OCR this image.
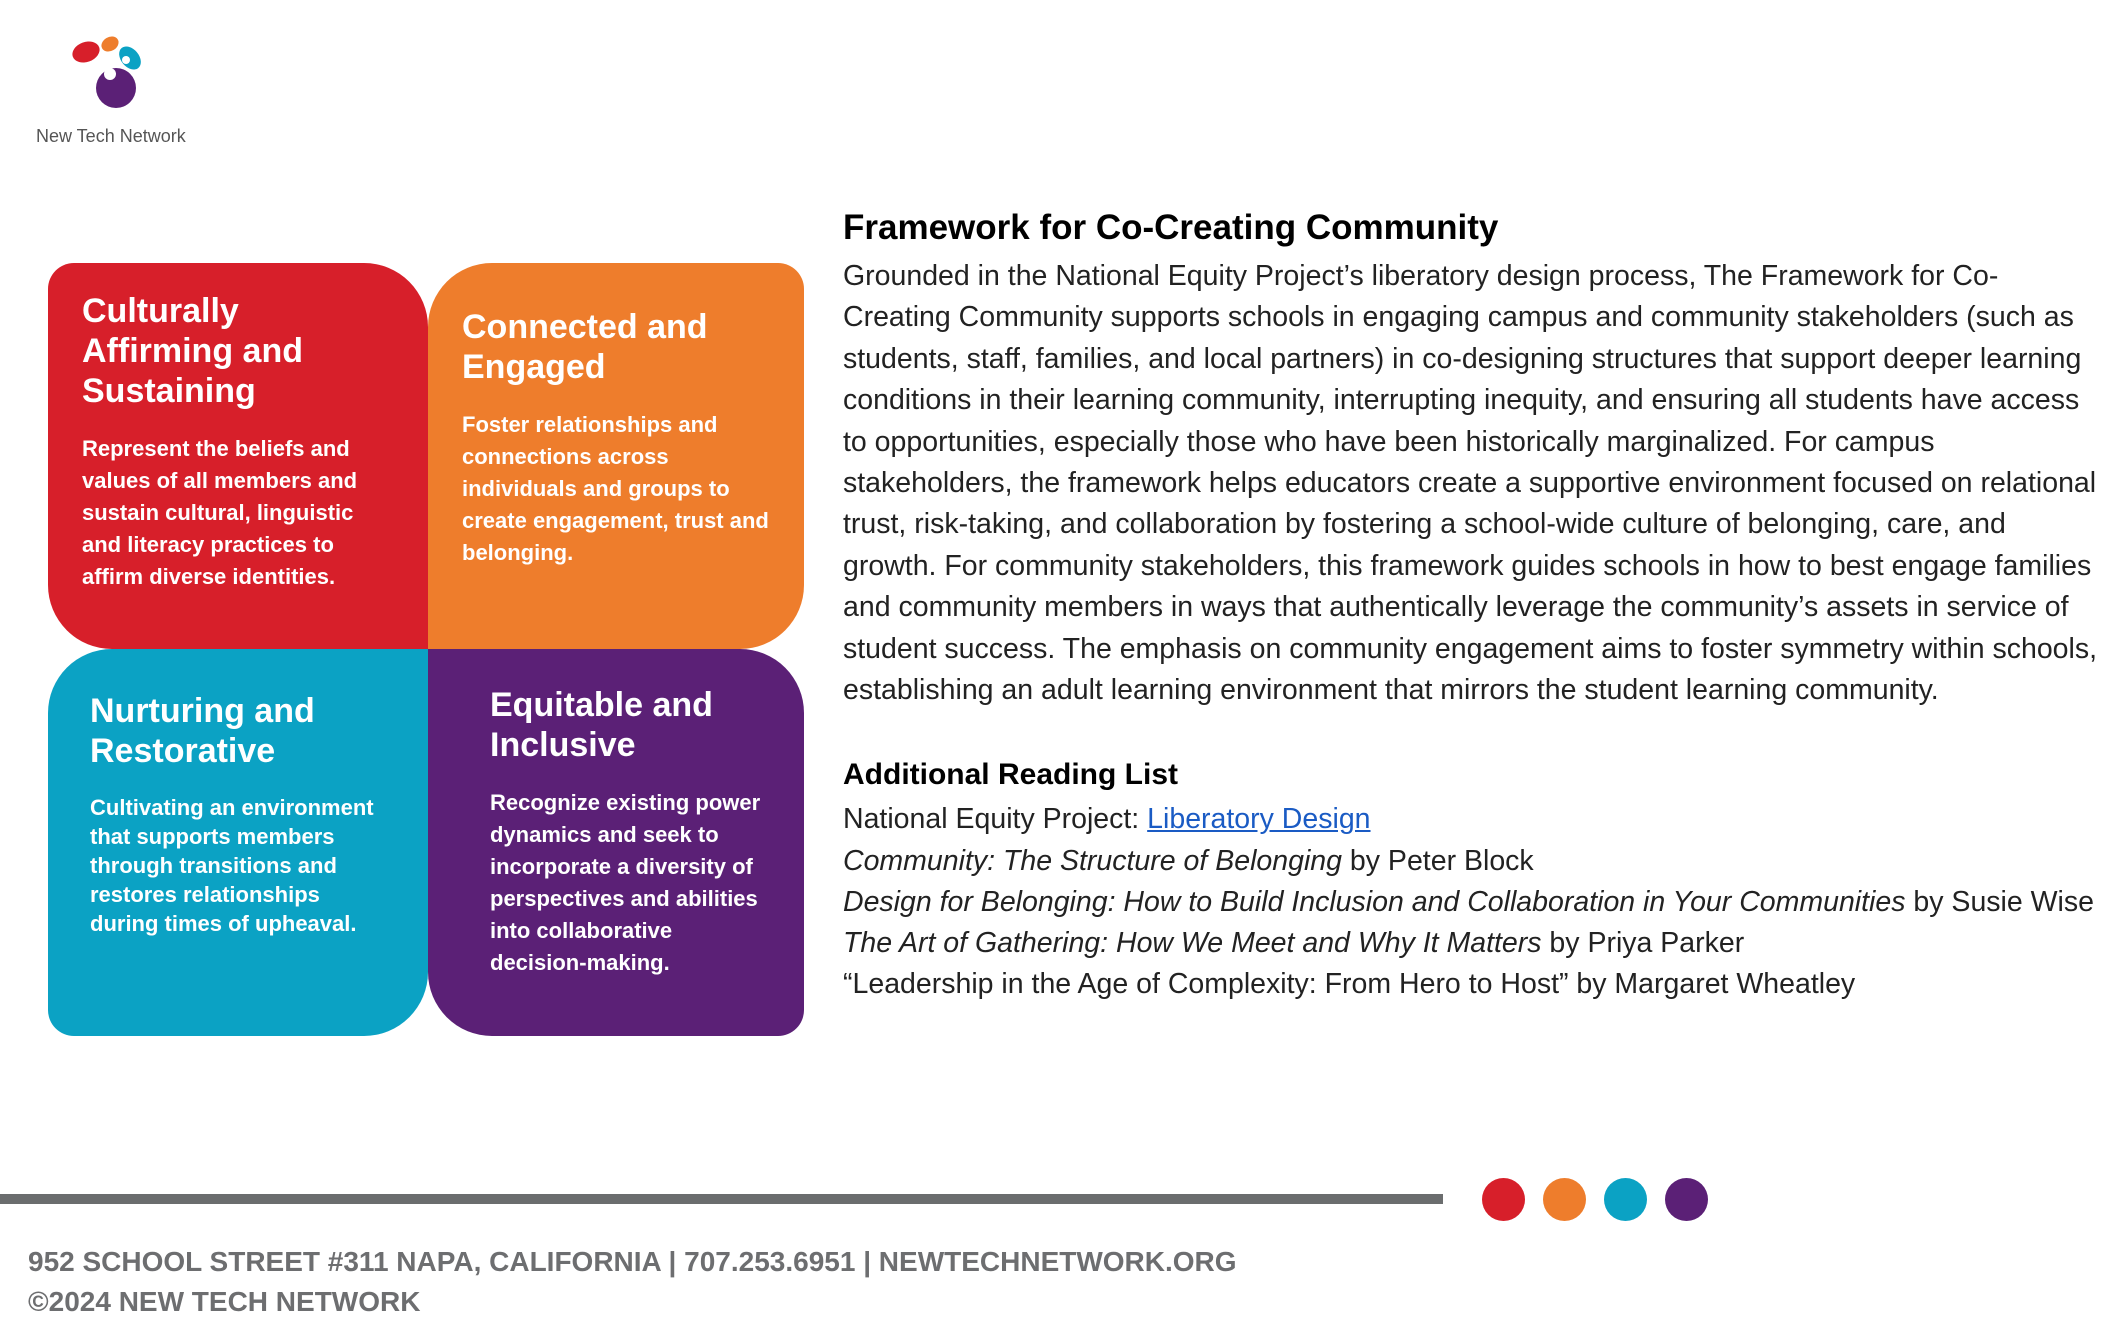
New Tech Network

Culturally Affirming and Sustaining

Represent the beliefs and values of all members and sustain cultural, linguistic and literacy practices to affirm diverse identities.

Connected and Engaged

Foster relationships and connections across individuals and groups to create engagement, trust and belonging.

Nurturing and Restorative

Cultivating an environment that supports members through transitions and restores relationships during times of upheaval.

Equitable and Inclusive

Recognize existing power dynamics and seek to incorporate a diversity of perspectives and abilities into collaborative decision-making.

Framework for Co-Creating Community

Grounded in the National Equity Project’s liberatory design process, The Framework for Co-Creating Community supports schools in engaging campus and community stakeholders (such as students, staff, families, and local partners) in co-designing structures that support deeper learning conditions in their learning community, interrupting inequity, and ensuring all students have access to opportunities, especially those who have been historically marginalized. For campus stakeholders, the framework helps educators create a supportive environment focused on relational trust, risk-taking, and collaboration by fostering a school-wide culture of belonging, care, and growth. For community stakeholders, this framework guides schools in how to best engage families and community members in ways that authentically leverage the community’s assets in service of student success. The emphasis on community engagement aims to foster symmetry within schools, establishing an adult learning environment that mirrors the student learning community.

Additional Reading List
National Equity Project: Liberatory Design
Community: The Structure of Belonging by Peter Block
Design for Belonging: How to Build Inclusion and Collaboration in Your Communities by Susie Wise
The Art of Gathering: How We Meet and Why It Matters by Priya Parker
“Leadership in the Age of Complexity: From Hero to Host” by Margaret Wheatley
952 SCHOOL STREET #311 NAPA, CALIFORNIA | 707.253.6951 | NEWTECHNETWORK.ORG
©2024 NEW TECH NETWORK
